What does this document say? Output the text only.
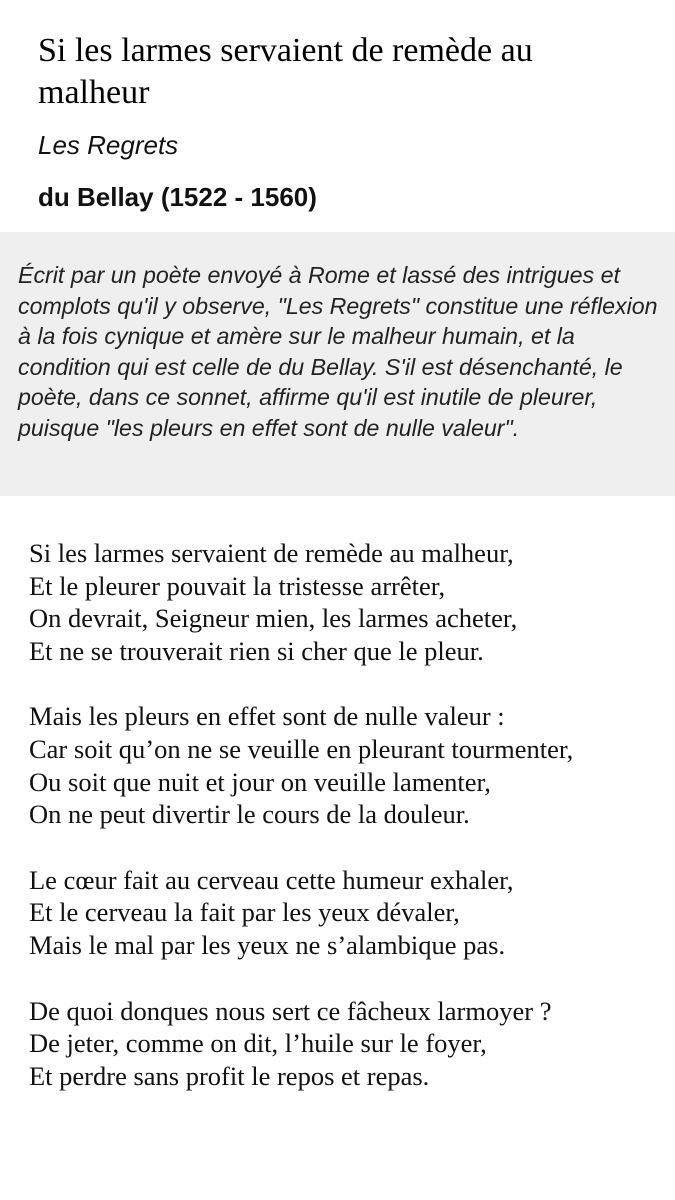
Si les larmes servaient de remède au malheur
Les Regrets
du Bellay (1522 - 1560)

Écrit par un poète envoyé à Rome et lassé des intrigues et complots qu'il y observe, "Les Regrets" constitue une réflexion à la fois cynique et amère sur le malheur humain, et la condition qui est celle de du Bellay. S'il est désenchanté, le poète, dans ce sonnet, affirme qu'il est inutile de pleurer, puisque "les pleurs en effet sont de nulle valeur".

Si les larmes servaient de remède au malheur,
Et le pleurer pouvait la tristesse arrêter,
On devrait, Seigneur mien, les larmes acheter,
Et ne se trouverait rien si cher que le pleur.
Mais les pleurs en effet sont de nulle valeur :
Car soit qu’on ne se veuille en pleurant tourmenter,
Ou soit que nuit et jour on veuille lamenter,
On ne peut divertir le cours de la douleur.
Le cœur fait au cerveau cette humeur exhaler,
Et le cerveau la fait par les yeux dévaler,
Mais le mal par les yeux ne s’alambique pas.
De quoi donques nous sert ce fâcheux larmoyer ?
De jeter, comme on dit, l’huile sur le foyer,
Et perdre sans profit le repos et repas.
